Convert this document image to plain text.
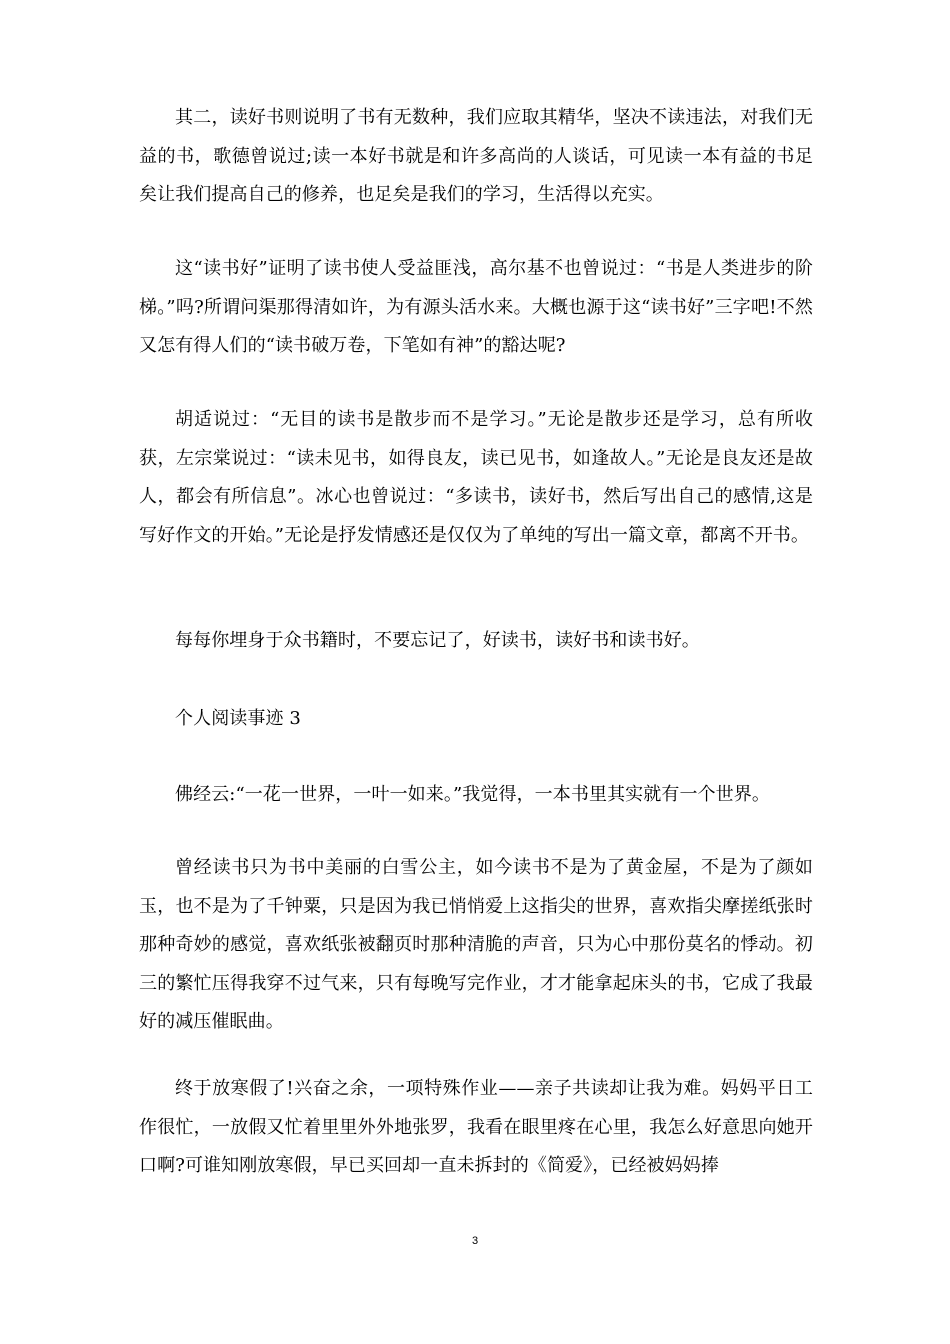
其二，读好书则说明了书有无数种，我们应取其精华，坚决不读违法，对我们无益的书，歌德曾说过;读一本好书就是和许多高尚的人谈话，可见读一本有益的书足矣让我们提高自己的修养，也足矣是我们的学习，生活得以充实。

这“读书好”证明了读书使人受益匪浅，高尔基不也曾说过：“书是人类进步的阶梯。”吗?所谓问渠那得清如许，为有源头活水来。大概也源于这“读书好”三字吧!不然又怎有得人们的“读书破万卷，下笔如有神”的豁达呢?

胡适说过：“无目的读书是散步而不是学习。”无论是散步还是学习，总有所收获，左宗棠说过：“读未见书，如得良友，读已见书，如逢故人。”无论是良友还是故人，都会有所信息”。冰心也曾说过：“多读书，读好书，然后写出自己的感情,这是写好作文的开始。”无论是抒发情感还是仅仅为了单纯的写出一篇文章，都离不开书。

每每你埋身于众书籍时，不要忘记了，好读书，读好书和读书好。

个人阅读事迹 3

佛经云:“一花一世界，一叶一如来。”我觉得，一本书里其实就有一个世界。

曾经读书只为书中美丽的白雪公主，如今读书不是为了黄金屋，不是为了颜如玉，也不是为了千钟粟，只是因为我已悄悄爱上这指尖的世界，喜欢指尖摩搓纸张时那种奇妙的感觉，喜欢纸张被翻页时那种清脆的声音，只为心中那份莫名的悸动。初三的繁忙压得我穿不过气来，只有每晚写完作业，才才能拿起床头的书，它成了我最好的减压催眠曲。

终于放寒假了!兴奋之余，一项特殊作业——亲子共读却让我为难。妈妈平日工作很忙，一放假又忙着里里外外地张罗，我看在眼里疼在心里，我怎么好意思向她开口啊?可谁知刚放寒假，早已买回却一直未拆封的《简爱》，已经被妈妈捧

3
